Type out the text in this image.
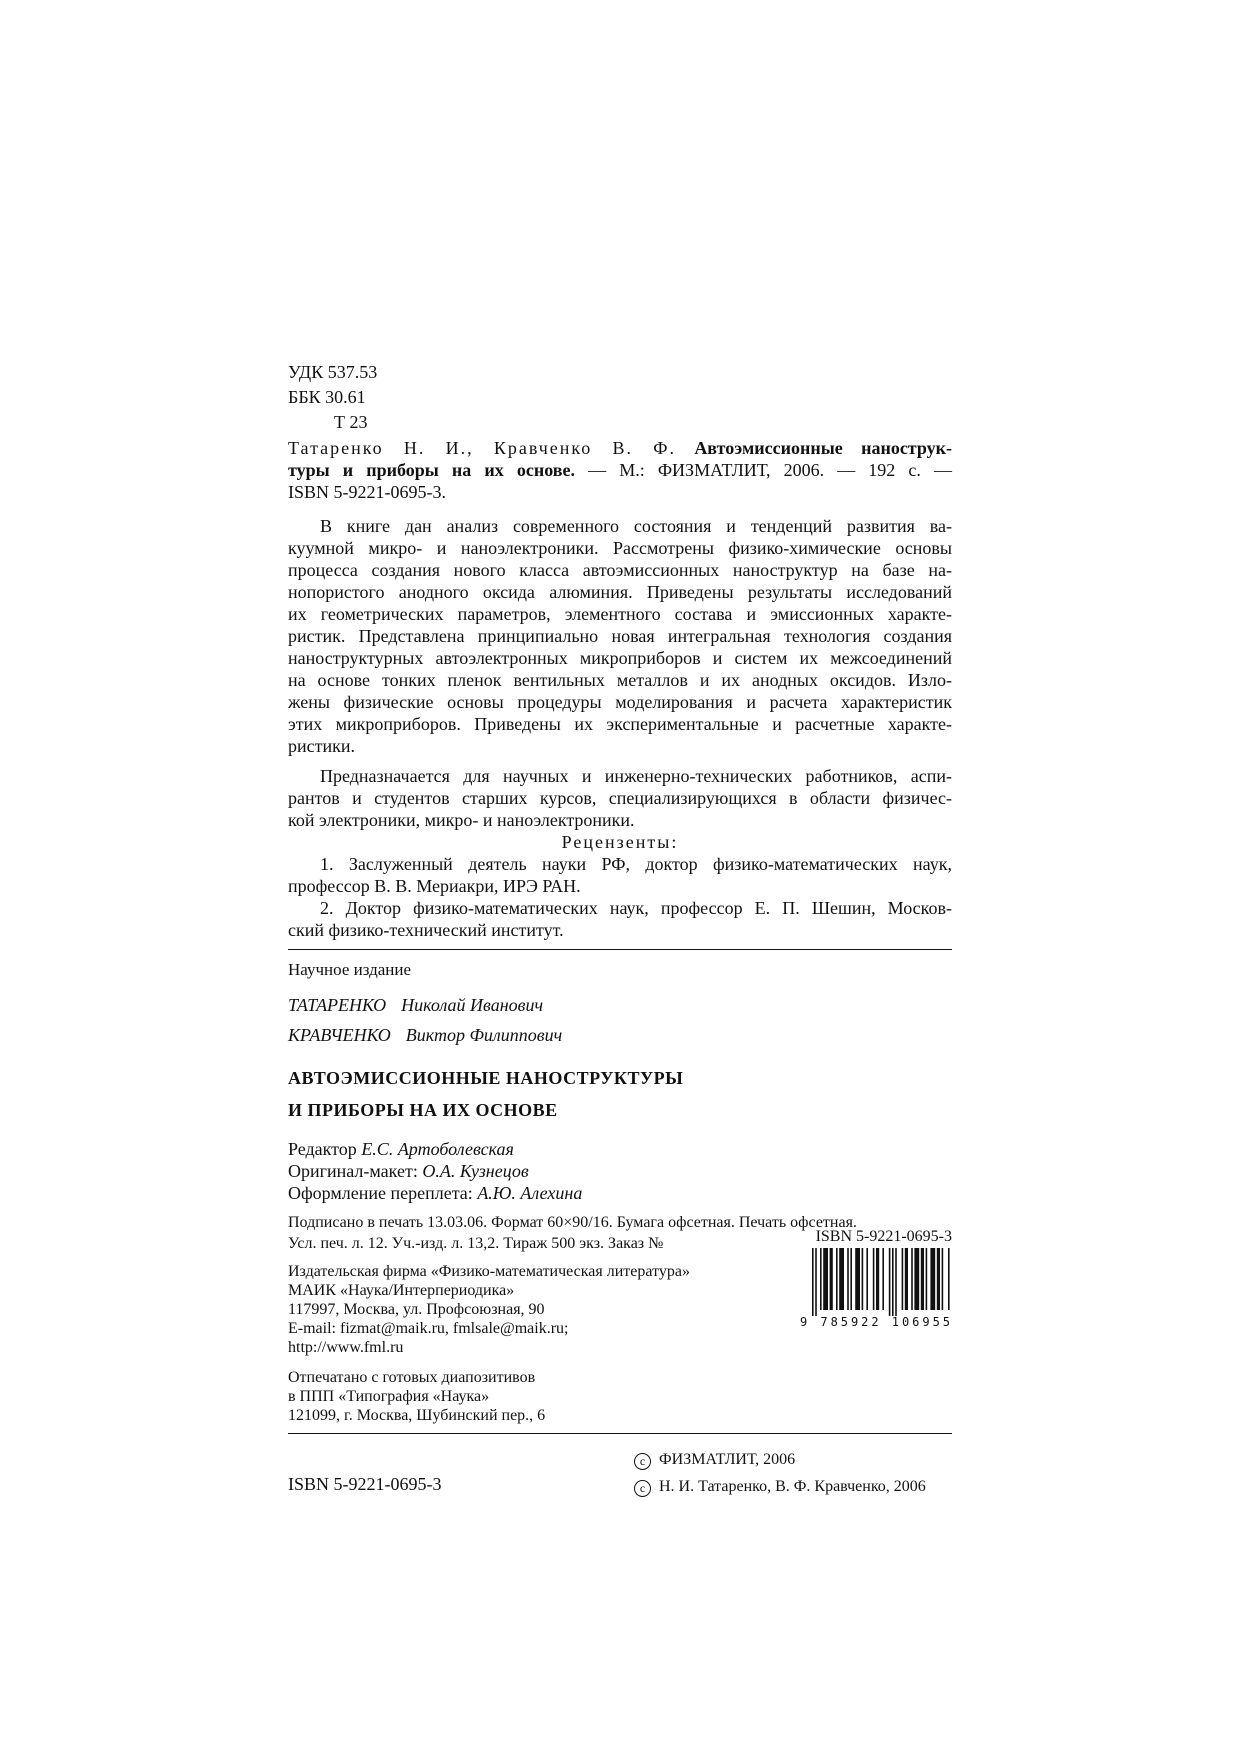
УДК 537.53
ББК 30.61
Т 23
Татаренко Н. И., Кравченко В. Ф. Автоэмиссионные нанострук-
туры и приборы на их основе. — М.: ФИЗМАТЛИТ, 2006. — 192 с. —
ISBN 5-9221-0695-3.
В книге дан анализ современного состояния и тенденций развития ва-
куумной микро- и наноэлектроники. Рассмотрены физико-химические основы
процесса создания нового класса автоэмиссионных наноструктур на базе на-
нопористого анодного оксида алюминия. Приведены результаты исследований
их геометрических параметров, элементного состава и эмиссионных характе-
ристик. Представлена принципиально новая интегральная технология создания
наноструктурных автоэлектронных микроприборов и систем их межсоединений
на основе тонких пленок вентильных металлов и их анодных оксидов. Изло-
жены физические основы процедуры моделирования и расчета характеристик
этих микроприборов. Приведены их экспериментальные и расчетные характе-
ристики.
Предназначается для научных и инженерно-технических работников, аспи-
рантов и студентов старших курсов, специализирующихся в области физичес-
кой электроники, микро- и наноэлектроники.
Рецензенты:
1. Заслуженный деятель науки РФ, доктор физико-математических наук,
профессор В. В. Мериакри, ИРЭ РАН.
2. Доктор физико-математических наук, профессор Е. П. Шешин, Москов-
ский физико-технический институт.
Научное издание
ТАТАРЕНКО Николай Иванович
КРАВЧЕНКО Виктор Филиппович
АВТОЭМИССИОННЫЕ НАНОСТРУКТУРЫ
И ПРИБОРЫ НА ИХ ОСНОВЕ
Редактор Е.С. Артоболевская
Оригинал-макет: О.А. Кузнецов
Оформление переплета: А.Ю. Алехина
Подписано в печать 13.03.06. Формат 60×90/16. Бумага офсетная. Печать офсетная.
Усл. печ. л. 12. Уч.-изд. л. 13,2. Тираж 500 экз. Заказ №
Издательская фирма «Физико-математическая литература»
МАИК «Наука/Интерпериодика»
117997, Москва, ул. Профсоюзная, 90
E-mail: fizmat@maik.ru, fmlsale@maik.ru;
http://www.fml.ru
Отпечатано с готовых диапозитивов
в ППП «Типография «Наука»
121099, г. Москва, Шубинский пер., 6
ISBN 5-9221-0695-3
c ФИЗМАТЛИТ, 2006
c Н. И. Татаренко, В. Ф. Кравченко, 2006
ISBN 5-9221-0695-3
9 785922 106955
